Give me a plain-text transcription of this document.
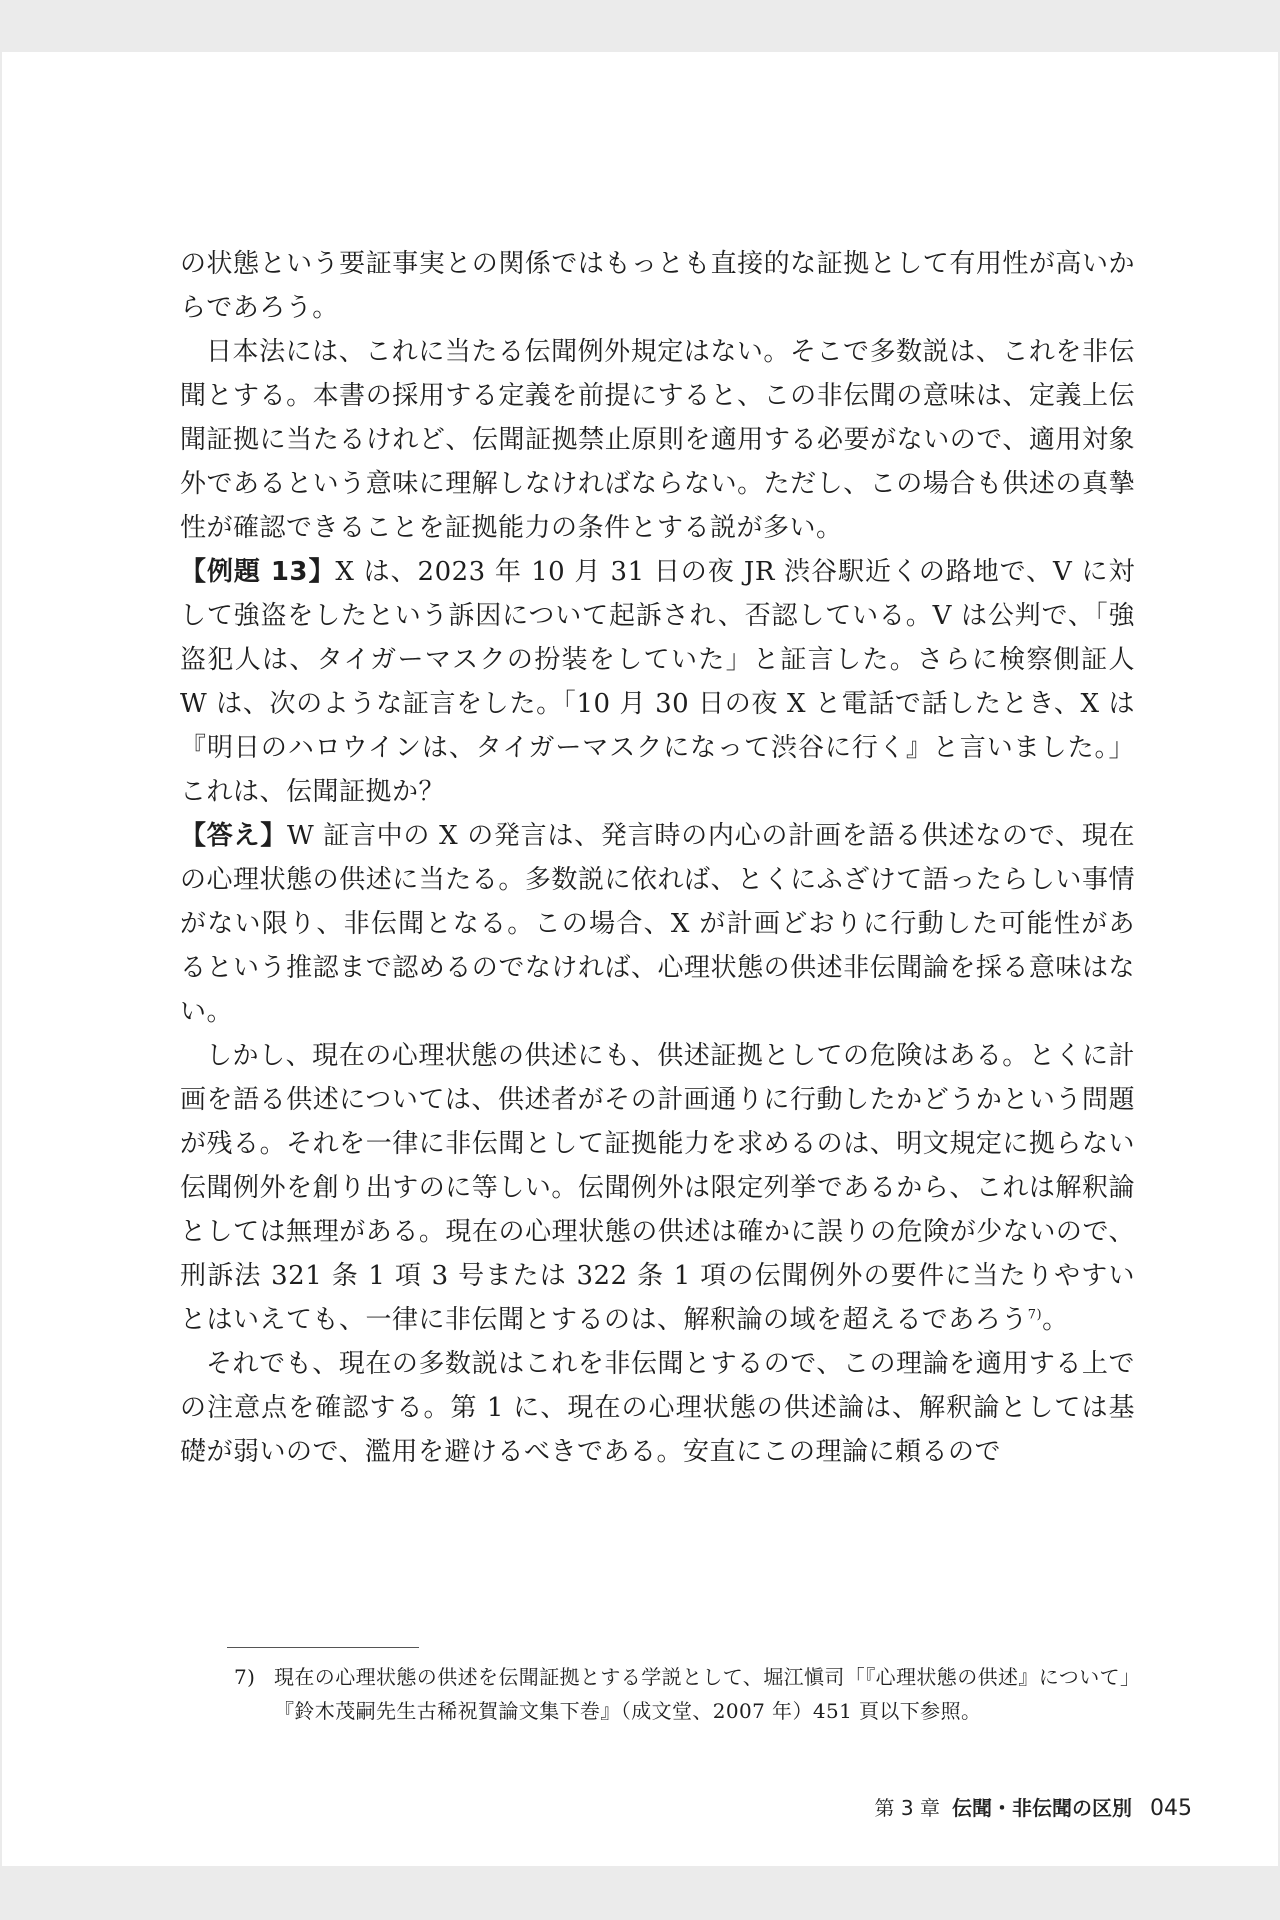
の状態という要証事実との関係ではもっとも直接的な証拠として有用性が高いからであろう。

日本法には、これに当たる伝聞例外規定はない。そこで多数説は、これを非伝聞とする。本書の採用する定義を前提にすると、この非伝聞の意味は、定義上伝聞証拠に当たるけれど、伝聞証拠禁止原則を適用する必要がないので、適用対象外であるという意味に理解しなければならない。ただし、この場合も供述の真摯性が確認できることを証拠能力の条件とする説が多い。

【例題 13】X は、2023 年 10 月 31 日の夜 JR 渋谷駅近くの路地で、V に対して強盗をしたという訴因について起訴され、否認している。V は公判で、「強盗犯人は、タイガーマスクの扮装をしていた」と証言した。さらに検察側証人 W は、次のような証言をした。「10 月 30 日の夜 X と電話で話したとき、X は『明日のハロウインは、タイガーマスクになって渋谷に行く』と言いました。」これは、伝聞証拠か？

【答え】W 証言中の X の発言は、発言時の内心の計画を語る供述なので、現在の心理状態の供述に当たる。多数説に依れば、とくにふざけて語ったらしい事情がない限り、非伝聞となる。この場合、X が計画どおりに行動した可能性があるという推認まで認めるのでなければ、心理状態の供述非伝聞論を採る意味はない。

しかし、現在の心理状態の供述にも、供述証拠としての危険はある。とくに計画を語る供述については、供述者がその計画通りに行動したかどうかという問題が残る。それを一律に非伝聞として証拠能力を求めるのは、明文規定に拠らない伝聞例外を創り出すのに等しい。伝聞例外は限定列挙であるから、これは解釈論としては無理がある。現在の心理状態の供述は確かに誤りの危険が少ないので、刑訴法 321 条 1 項 3 号または 322 条 1 項の伝聞例外の要件に当たりやすいとはいえても、一律に非伝聞とするのは、解釈論の域を超えるであろう$^{7)}$。

それでも、現在の多数説はこれを非伝聞とするので、この理論を適用する上での注意点を確認する。第 1 に、現在の心理状態の供述論は、解釈論としては基礎が弱いので、濫用を避けるべきである。安直にこの理論に頼るので

7) 現在の心理状態の供述を伝聞証拠とする学説として、堀江愼司「『心理状態の供述』について」『鈴木茂嗣先生古稀祝賀論文集下巻』（成文堂、2007 年）451 頁以下参照。
第 3 章 伝聞・非伝聞の区別 045
